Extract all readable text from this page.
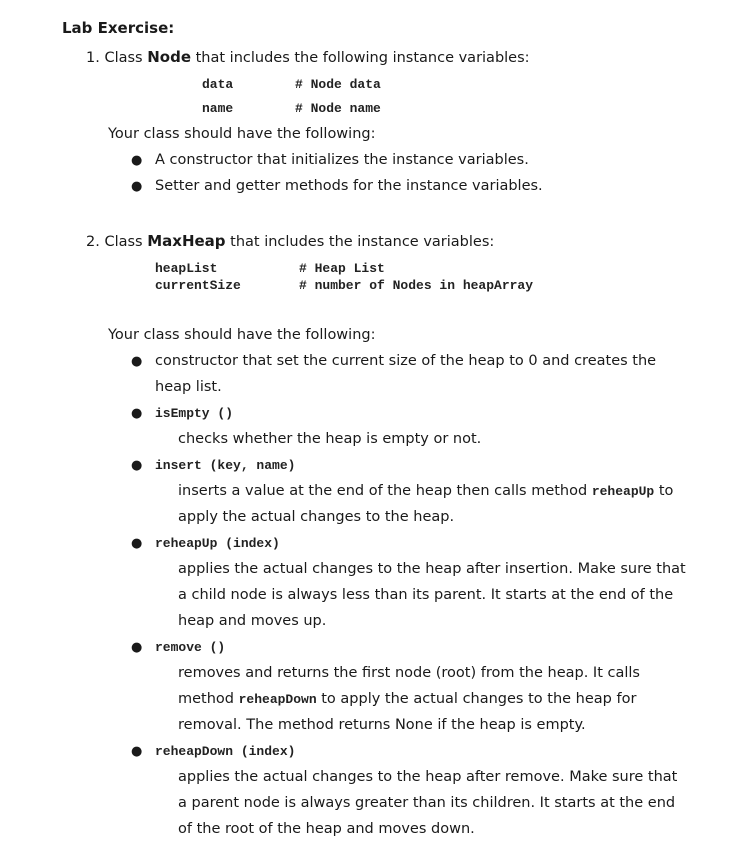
Lab Exercise:
1. Class Node that includes the following instance variables:
data	# Node data
name	# Node name
Your class should have the following:
● A constructor that initializes the instance variables.
● Setter and getter methods for the instance variables.
2. Class MaxHeap that includes the instance variables:
heapList	# Heap List
currentSize	# number of Nodes in heapArray
Your class should have the following:
● constructor that set the current size of the heap to 0 and creates the
heap list.
● isEmpty ()
checks whether the heap is empty or not.
● insert (key, name)
inserts a value at the end of the heap then calls method reheapUp to
apply the actual changes to the heap.
● reheapUp (index)
applies the actual changes to the heap after insertion. Make sure that
a child node is always less than its parent. It starts at the end of the
heap and moves up.
● remove ()
removes and returns the first node (root) from the heap. It calls
method reheapDown to apply the actual changes to the heap for
removal. The method returns None if the heap is empty.
● reheapDown (index)
applies the actual changes to the heap after remove. Make sure that
a parent node is always greater than its children. It starts at the end
of the root of the heap and moves down.
